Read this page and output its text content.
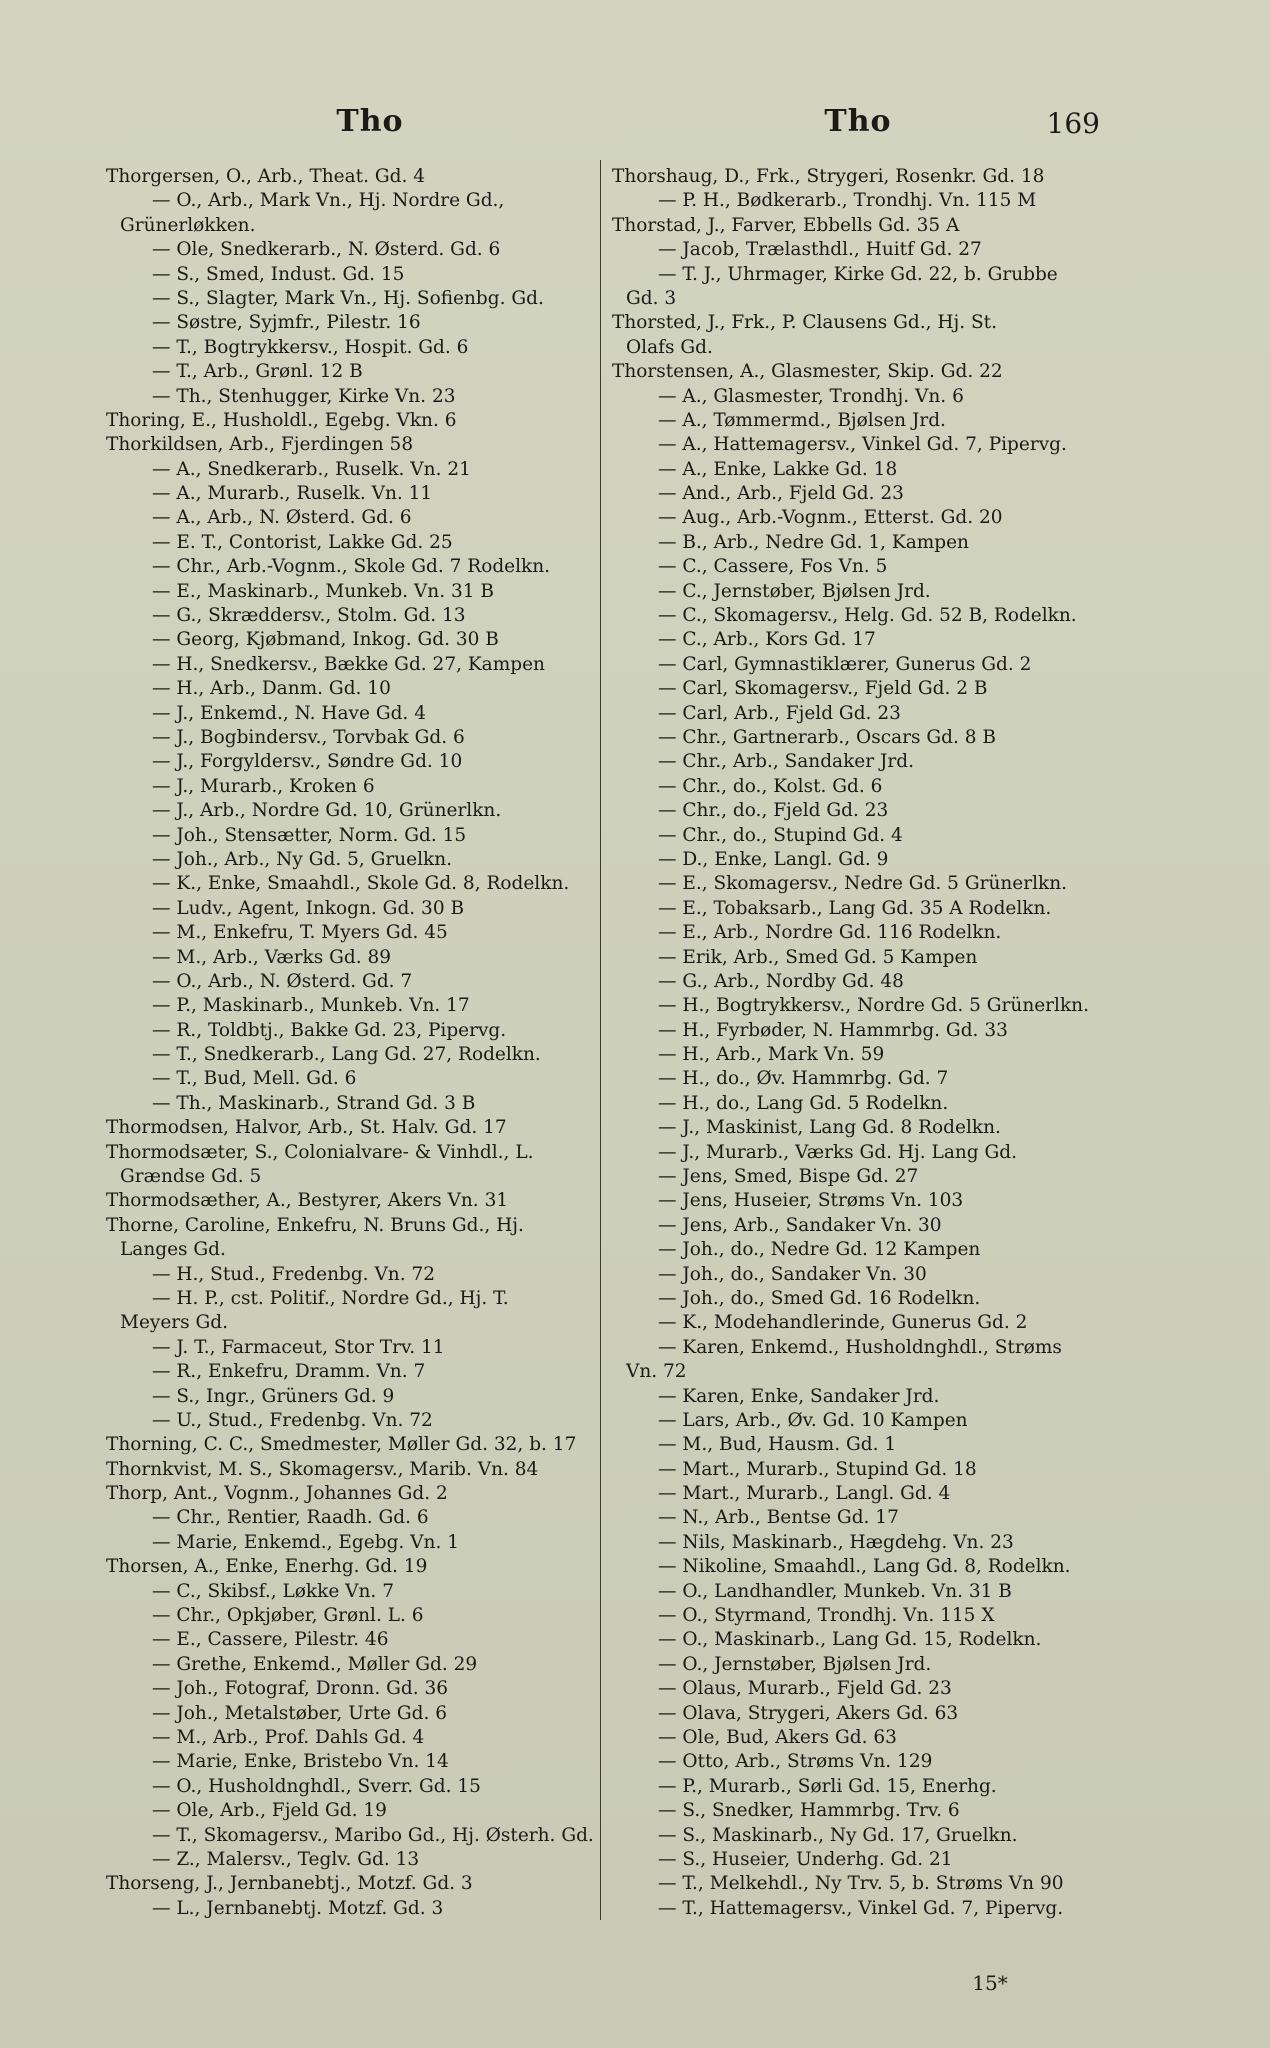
Tho	Tho	169
Thorgersen, O., Arb., Theat. Gd. 4
— O., Arb., Mark Vn., Hj. Nordre Gd.,
Grünerløkken.
— Ole, Snedkerarb., N. Østerd. Gd. 6
— S., Smed, Indust. Gd. 15
— S., Slagter, Mark Vn., Hj. Sofienbg. Gd.
— Søstre, Syjmfr., Pilestr. 16
— T., Bogtrykkersv., Hospit. Gd. 6
— T., Arb., Grønl. 12 B
— Th., Stenhugger, Kirke Vn. 23
Thoring, E., Husholdl., Egebg. Vkn. 6
Thorkildsen, Arb., Fjerdingen 58
— A., Snedkerarb., Ruselk. Vn. 21
— A., Murarb., Ruselk. Vn. 11
— A., Arb., N. Østerd. Gd. 6
— E. T., Contorist, Lakke Gd. 25
— Chr., Arb.-Vognm., Skole Gd. 7 Rodelkn.
— E., Maskinarb., Munkeb. Vn. 31 B
— G., Skræddersv., Stolm. Gd. 13
— Georg, Kjøbmand, Inkog. Gd. 30 B
— H., Snedkersv., Bække Gd. 27, Kampen
— H., Arb., Danm. Gd. 10
— J., Enkemd., N. Have Gd. 4
— J., Bogbindersv., Torvbak Gd. 6
— J., Forgyldersv., Søndre Gd. 10
— J., Murarb., Kroken 6
— J., Arb., Nordre Gd. 10, Grünerlkn.
— Joh., Stensætter, Norm. Gd. 15
— Joh., Arb., Ny Gd. 5, Gruelkn.
— K., Enke, Smaahdl., Skole Gd. 8, Rodelkn.
— Ludv., Agent, Inkogn. Gd. 30 B
— M., Enkefru, T. Myers Gd. 45
— M., Arb., Værks Gd. 89
— O., Arb., N. Østerd. Gd. 7
— P., Maskinarb., Munkeb. Vn. 17
— R., Toldbtj., Bakke Gd. 23, Pipervg.
— T., Snedkerarb., Lang Gd. 27, Rodelkn.
— T., Bud, Mell. Gd. 6
— Th., Maskinarb., Strand Gd. 3 B
Thormodsen, Halvor, Arb., St. Halv. Gd. 17
Thormodsæter, S., Colonialvare- & Vinhdl., L.
Grændse Gd. 5
Thormodsæther, A., Bestyrer, Akers Vn. 31
Thorne, Caroline, Enkefru, N. Bruns Gd., Hj.
Langes Gd.
— H., Stud., Fredenbg. Vn. 72
— H. P., cst. Politif., Nordre Gd., Hj. T.
Meyers Gd.
— J. T., Farmaceut, Stor Trv. 11
— R., Enkefru, Dramm. Vn. 7
— S., Ingr., Grüners Gd. 9
— U., Stud., Fredenbg. Vn. 72
Thorning, C. C., Smedmester, Møller Gd. 32, b. 17
Thornkvist, M. S., Skomagersv., Marib. Vn. 84
Thorp, Ant., Vognm., Johannes Gd. 2
— Chr., Rentier, Raadh. Gd. 6
— Marie, Enkemd., Egebg. Vn. 1
Thorsen, A., Enke, Enerhg. Gd. 19
— C., Skibsf., Løkke Vn. 7
— Chr., Opkjøber, Grønl. L. 6
— E., Cassere, Pilestr. 46
— Grethe, Enkemd., Møller Gd. 29
— Joh., Fotograf, Dronn. Gd. 36
— Joh., Metalstøber, Urte Gd. 6
— M., Arb., Prof. Dahls Gd. 4
— Marie, Enke, Bristebo Vn. 14
— O., Husholdnghdl., Sverr. Gd. 15
— Ole, Arb., Fjeld Gd. 19
— T., Skomagersv., Maribo Gd., Hj. Østerh. Gd.
— Z., Malersv., Teglv. Gd. 13
Thorseng, J., Jernbanebtj., Motzf. Gd. 3
— L., Jernbanebtj. Motzf. Gd. 3
Thorshaug, D., Frk., Strygeri, Rosenkr. Gd. 18
— P. H., Bødkerarb., Trondhj. Vn. 115 M
Thorstad, J., Farver, Ebbells Gd. 35 A
— Jacob, Trælasthdl., Huitf Gd. 27
— T. J., Uhrmager, Kirke Gd. 22, b. Grubbe
Gd. 3
Thorsted, J., Frk., P. Clausens Gd., Hj. St.
Olafs Gd.
Thorstensen, A., Glasmester, Skip. Gd. 22
— A., Glasmester, Trondhj. Vn. 6
— A., Tømmermd., Bjølsen Jrd.
— A., Hattemagersv., Vinkel Gd. 7, Pipervg.
— A., Enke, Lakke Gd. 18
— And., Arb., Fjeld Gd. 23
— Aug., Arb.-Vognm., Etterst. Gd. 20
— B., Arb., Nedre Gd. 1, Kampen
— C., Cassere, Fos Vn. 5
— C., Jernstøber, Bjølsen Jrd.
— C., Skomagersv., Helg. Gd. 52 B, Rodelkn.
— C., Arb., Kors Gd. 17
— Carl, Gymnastiklærer, Gunerus Gd. 2
— Carl, Skomagersv., Fjeld Gd. 2 B
— Carl, Arb., Fjeld Gd. 23
— Chr., Gartnerarb., Oscars Gd. 8 B
— Chr., Arb., Sandaker Jrd.
— Chr., do., Kolst. Gd. 6
— Chr., do., Fjeld Gd. 23
— Chr., do., Stupind Gd. 4
— D., Enke, Langl. Gd. 9
— E., Skomagersv., Nedre Gd. 5 Grünerlkn.
— E., Tobaksarb., Lang Gd. 35 A Rodelkn.
— E., Arb., Nordre Gd. 116 Rodelkn.
— Erik, Arb., Smed Gd. 5 Kampen
— G., Arb., Nordby Gd. 48
— H., Bogtrykkersv., Nordre Gd. 5 Grünerlkn.
— H., Fyrbøder, N. Hammrbg. Gd. 33
— H., Arb., Mark Vn. 59
— H., do., Øv. Hammrbg. Gd. 7
— H., do., Lang Gd. 5 Rodelkn.
— J., Maskinist, Lang Gd. 8 Rodelkn.
— J., Murarb., Værks Gd. Hj. Lang Gd.
— Jens, Smed, Bispe Gd. 27
— Jens, Huseier, Strøms Vn. 103
— Jens, Arb., Sandaker Vn. 30
— Joh., do., Nedre Gd. 12 Kampen
— Joh., do., Sandaker Vn. 30
— Joh., do., Smed Gd. 16 Rodelkn.
— K., Modehandlerinde, Gunerus Gd. 2
— Karen, Enkemd., Husholdnghdl., Strøms
Vn. 72
— Karen, Enke, Sandaker Jrd.
— Lars, Arb., Øv. Gd. 10 Kampen
— M., Bud, Hausm. Gd. 1
— Mart., Murarb., Stupind Gd. 18
— Mart., Murarb., Langl. Gd. 4
— N., Arb., Bentse Gd. 17
— Nils, Maskinarb., Hægdehg. Vn. 23
— Nikoline, Smaahdl., Lang Gd. 8, Rodelkn.
— O., Landhandler, Munkeb. Vn. 31 B
— O., Styrmand, Trondhj. Vn. 115 X
— O., Maskinarb., Lang Gd. 15, Rodelkn.
— O., Jernstøber, Bjølsen Jrd.
— Olaus, Murarb., Fjeld Gd. 23
— Olava, Strygeri, Akers Gd. 63
— Ole, Bud, Akers Gd. 63
— Otto, Arb., Strøms Vn. 129
— P., Murarb., Sørli Gd. 15, Enerhg.
— S., Snedker, Hammrbg. Trv. 6
— S., Maskinarb., Ny Gd. 17, Gruelkn.
— S., Huseier, Underhg. Gd. 21
— T., Melkehdl., Ny Trv. 5, b. Strøms Vn 90
— T., Hattemagersv., Vinkel Gd. 7, Pipervg.
15*
